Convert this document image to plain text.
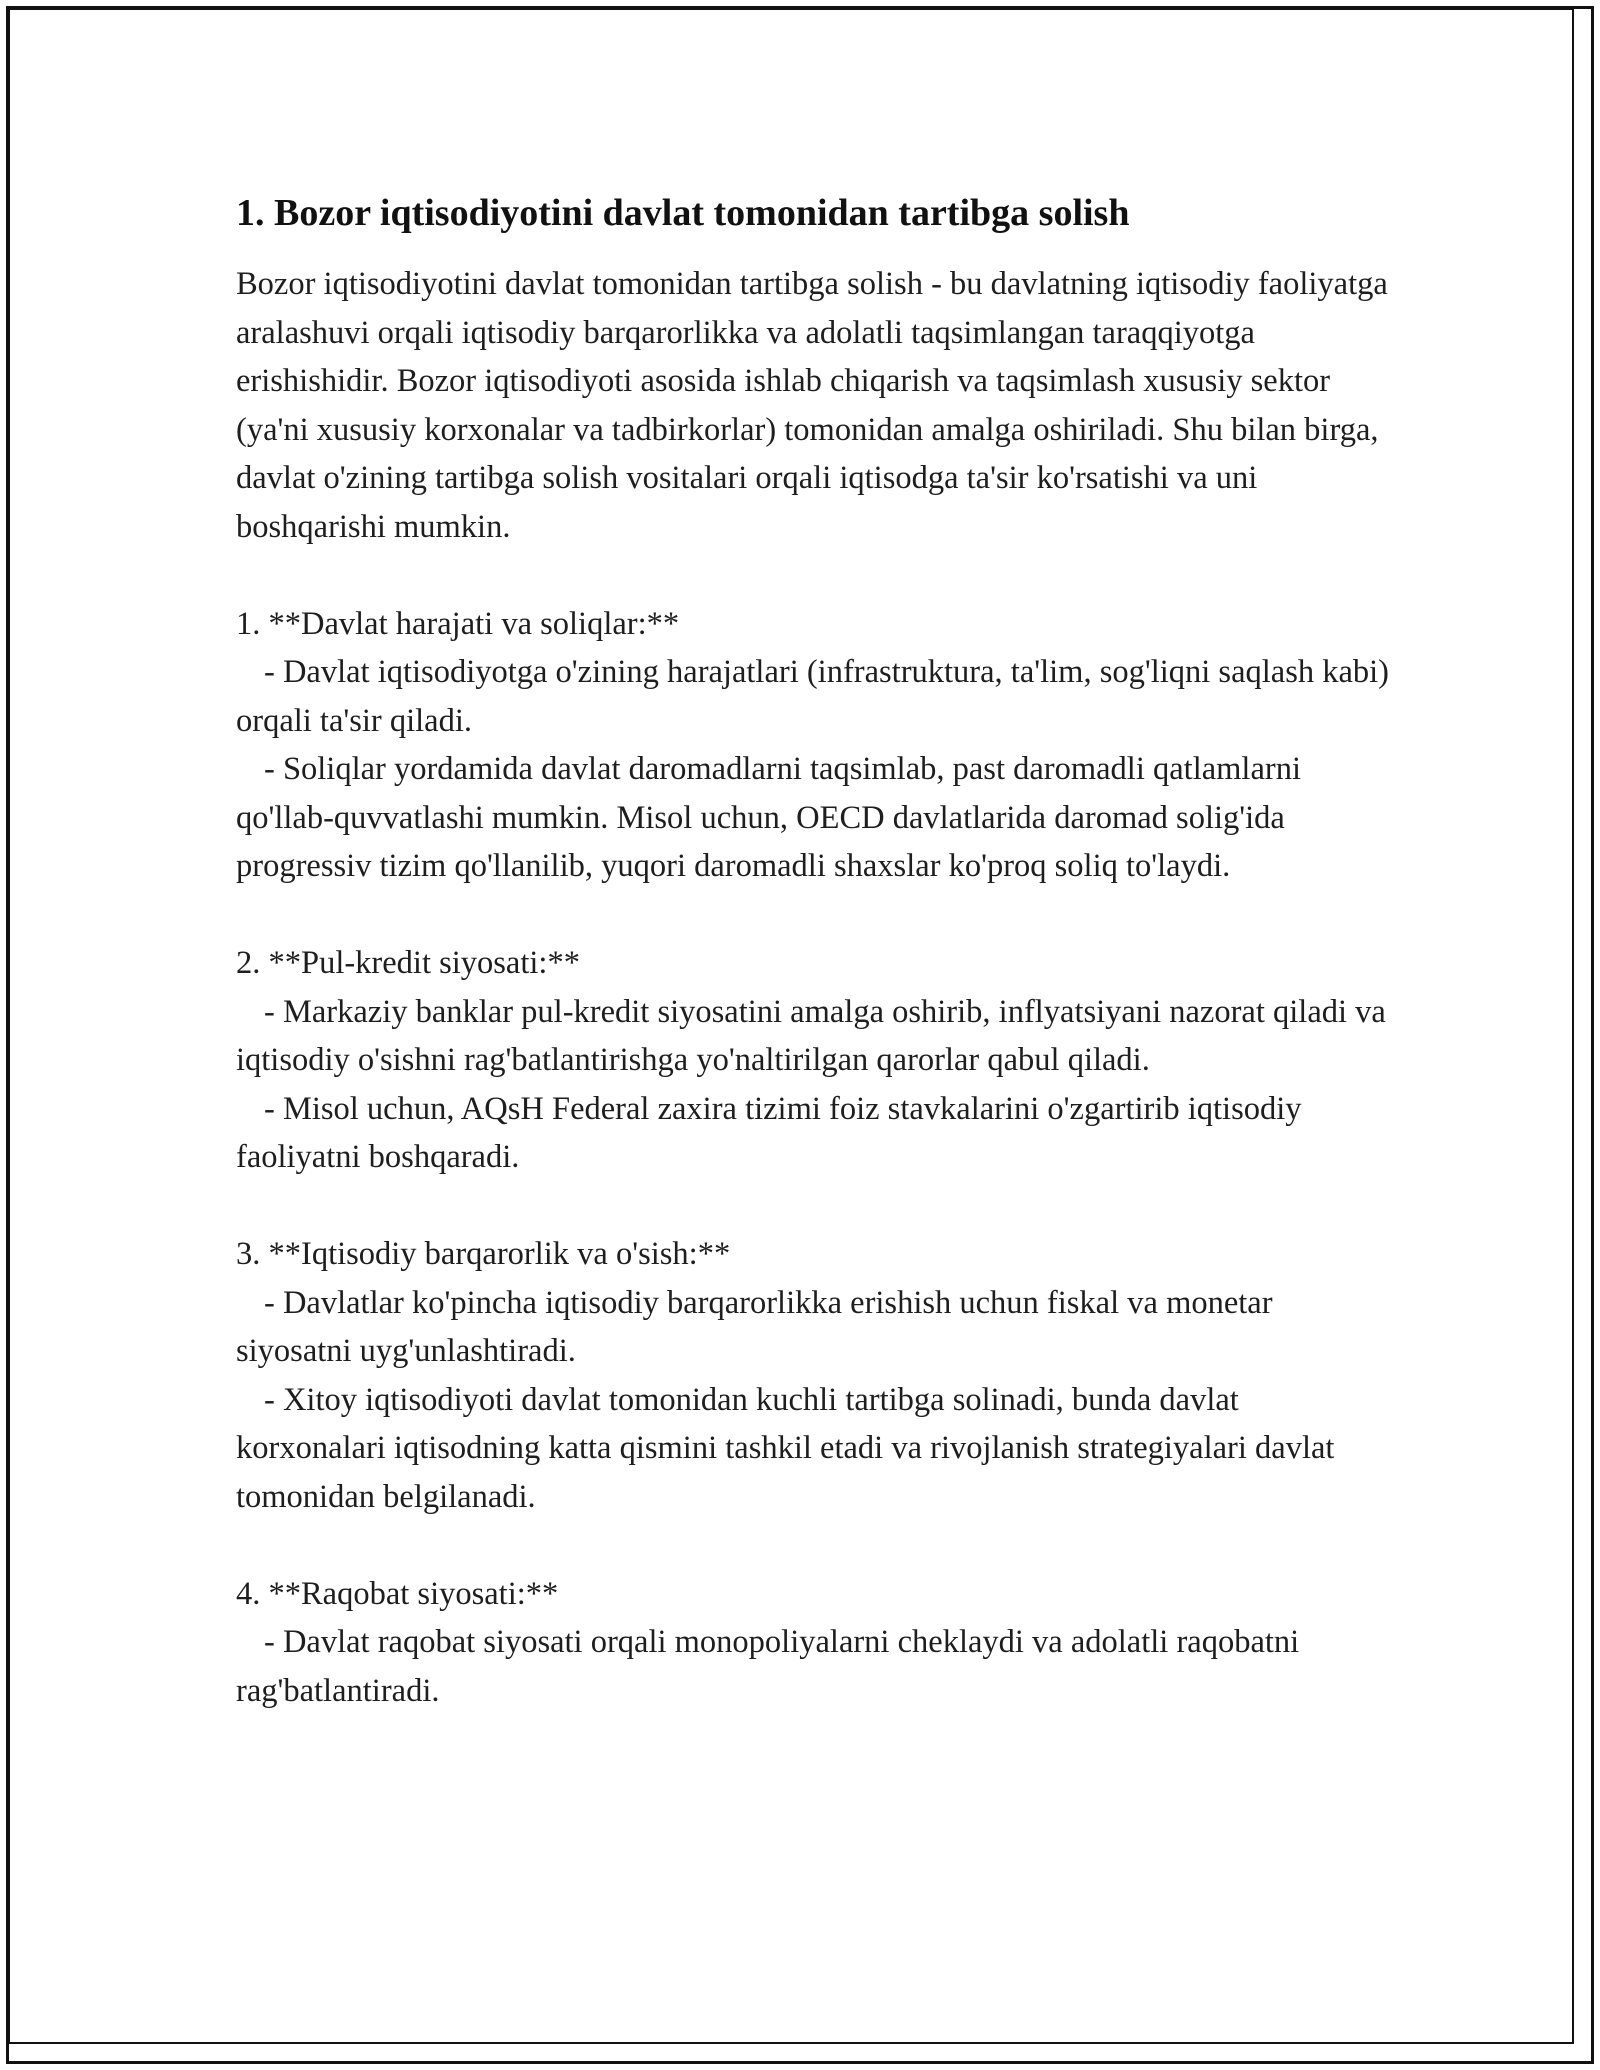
1. Bozor iqtisodiyotini davlat tomonidan tartibga solish

Bozor iqtisodiyotini davlat tomonidan tartibga solish - bu davlatning iqtisodiy faoliyatga aralashuvi orqali iqtisodiy barqarorlikka va adolatli taqsimlangan taraqqiyotga erishishidir. Bozor iqtisodiyoti asosida ishlab chiqarish va taqsimlash xususiy sektor (ya'ni xususiy korxonalar va tadbirkorlar) tomonidan amalga oshiriladi. Shu bilan birga, davlat o'zining tartibga solish vositalari orqali iqtisodga ta'sir ko'rsatishi va uni boshqarishi mumkin.

1. **Davlat harajati va soliqlar:**

- Davlat iqtisodiyotga o'zining harajatlari (infrastruktura, ta'lim, sog'liqni saqlash kabi) orqali ta'sir qiladi.

- Soliqlar yordamida davlat daromadlarni taqsimlab, past daromadli qatlamlarni qo'llab-quvvatlashi mumkin. Misol uchun, OECD davlatlarida daromad solig'ida progressiv tizim qo'llanilib, yuqori daromadli shaxslar ko'proq soliq to'laydi.

2. **Pul-kredit siyosati:**

- Markaziy banklar pul-kredit siyosatini amalga oshirib, inflyatsiyani nazorat qiladi va iqtisodiy o'sishni rag'batlantirishga yo'naltirilgan qarorlar qabul qiladi.

- Misol uchun, AQsH Federal zaxira tizimi foiz stavkalarini o'zgartirib iqtisodiy faoliyatni boshqaradi.

3. **Iqtisodiy barqarorlik va o'sish:**

- Davlatlar ko'pincha iqtisodiy barqarorlikka erishish uchun fiskal va monetar siyosatni uyg'unlashtiradi.

- Xitoy iqtisodiyoti davlat tomonidan kuchli tartibga solinadi, bunda davlat korxonalari iqtisodning katta qismini tashkil etadi va rivojlanish strategiyalari davlat tomonidan belgilanadi.

4. **Raqobat siyosati:**

- Davlat raqobat siyosati orqali monopoliyalarni cheklaydi va adolatli raqobatni rag'batlantiradi.
